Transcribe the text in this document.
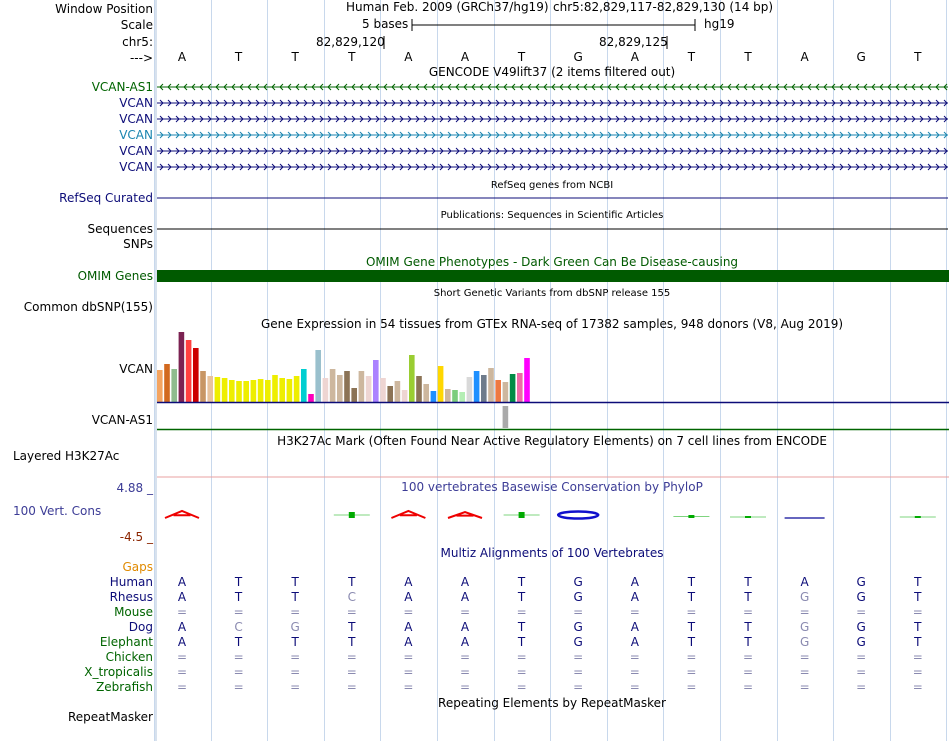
Window Position
Scale
chr5:
--->
Human Feb. 2009 (GRCh37/hg19) chr5:82,829,117-82,829,130 (14 bp)
5 bases	hg19
82,829,120	82,829,125
A	T	T	T	A	A	T	G	A	T	T	A	G	T
GENCODE V49lift37 (2 items filtered out)
VCAN-AS1
VCAN
VCAN
VCAN
VCAN
VCAN
RefSeq genes from NCBI
RefSeq Curated
Publications: Sequences in Scientific Articles
Sequences
SNPs
OMIM Gene Phenotypes - Dark Green Can Be Disease-causing
OMIM Genes
Short Genetic Variants from dbSNP release 155
Common dbSNP(155)
Gene Expression in 54 tissues from GTEx RNA-seq of 17382 samples, 948 donors (V8, Aug 2019)
VCAN
VCAN-AS1
H3K27Ac Mark (Often Found Near Active Regulatory Elements) on 7 cell lines from ENCODE
Layered H3K27Ac
100 vertebrates Basewise Conservation by PhyloP
4.88 _
100 Vert. Cons
-4.5 _
Multiz Alignments of 100 Vertebrates
Gaps
Human A	T	T	T	A	A	T	G	A	T	T	A	G	T
Rhesus A	T	T	C	A	A	T	G	A	T	T	G	G	T
Mouse =	=	=	=	=	=	=	=	=	=	=	=	=	=
Dog A	C	G	T	A	A	T	G	A	T	T	G	G	T
Elephant A	T	T	T	A	A	T	G	A	T	T	G	G	T
Chicken =	=	=	=	=	=	=	=	=	=	=	=	=	=
X_tropicalis =	=	=	=	=	=	=	=	=	=	=	=	=	=
Zebrafish =	=	=	=	=	=	=	=	=	=	=	=	=	=
Repeating Elements by RepeatMasker
RepeatMasker
